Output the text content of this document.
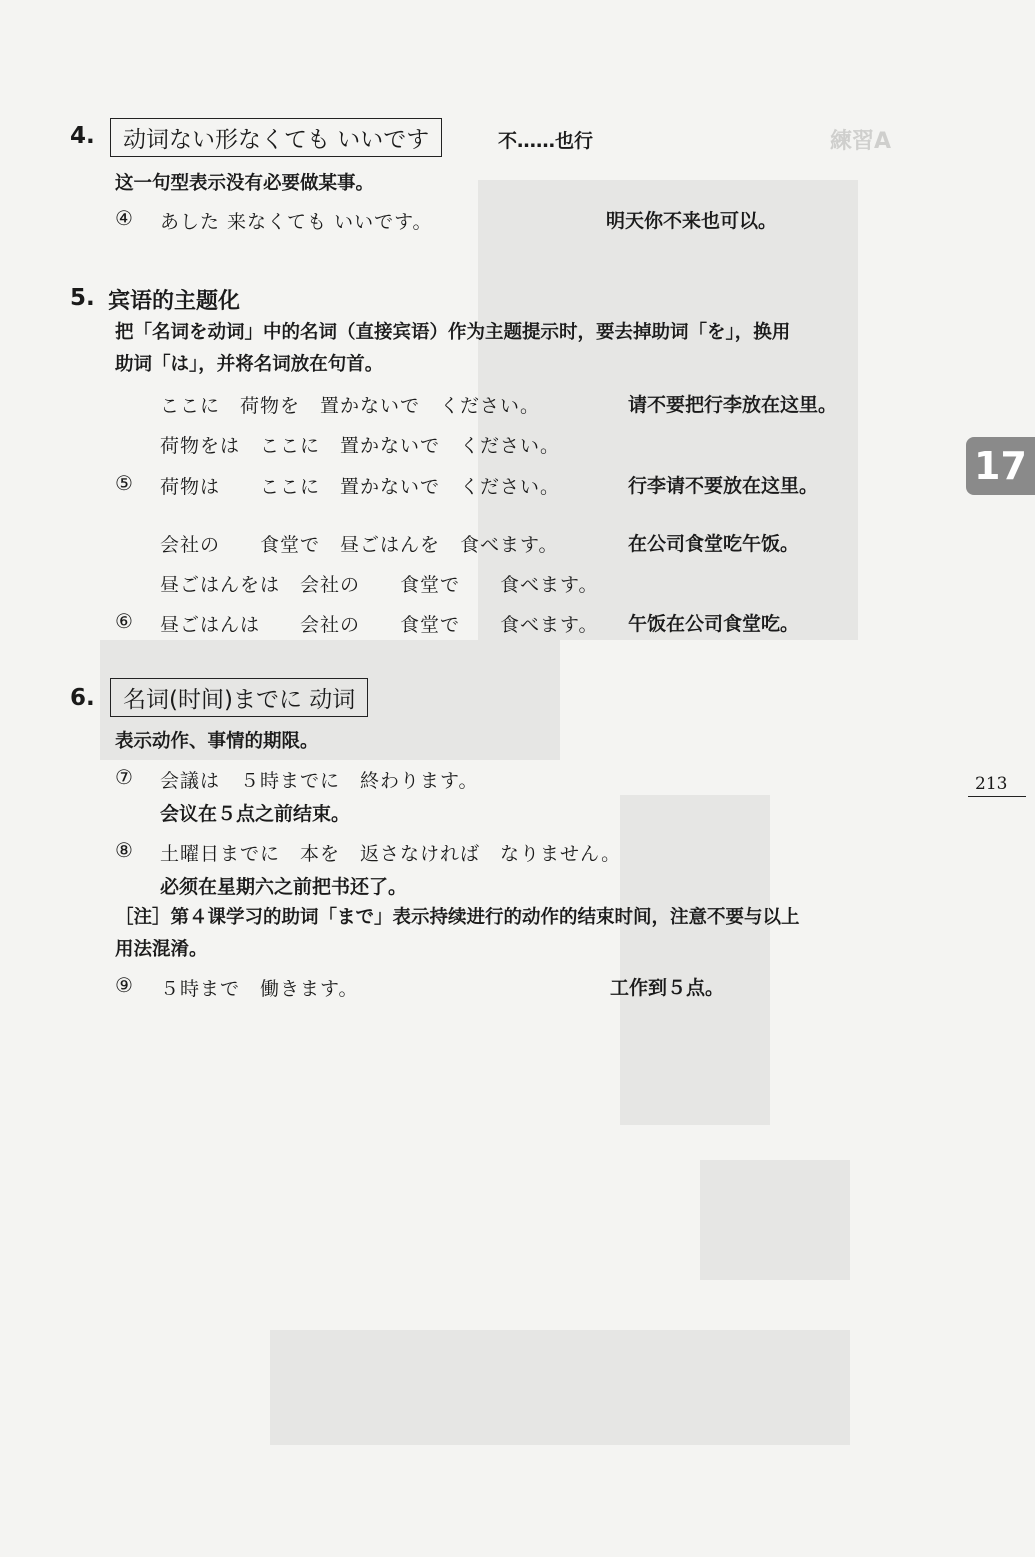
練習A
4.	动词ない形なくても いいです	不……也行
这一句型表示没有必要做某事。
④ あした 来なくても いいです。	明天你不来也可以。
5. 宾语的主题化
把「名词を动词」中的名词（直接宾语）作为主题提示时，要去掉助词「を」，换用
助词「は」，并将名词放在句首。
ここに　荷物を　置かないで　ください。	请不要把行李放在这里。
荷物をは　ここに　置かないで　ください。
⑤ 荷物は　　ここに　置かないで　ください。	行李请不要放在这里。
会社の　　食堂で　昼ごはんを　食べます。	在公司食堂吃午饭。
昼ごはんをは　会社の　　食堂で　　食べます。
⑥ 昼ごはんは　　会社の　　食堂で　　食べます。 午饭在公司食堂吃。
6.	名词(时间)までに 动词
表示动作、事情的期限。
⑦ 会議は　５時までに　終わります。
会议在５点之前结束。
⑧ 土曜日までに　本を　返さなければ　なりません。
必须在星期六之前把书还了。
［注］第４课学习的助词「まで」表示持续进行的动作的结束时间，注意不要与以上
用法混淆。
⑨ ５時まで　働きます。	工作到５点。
17
213
